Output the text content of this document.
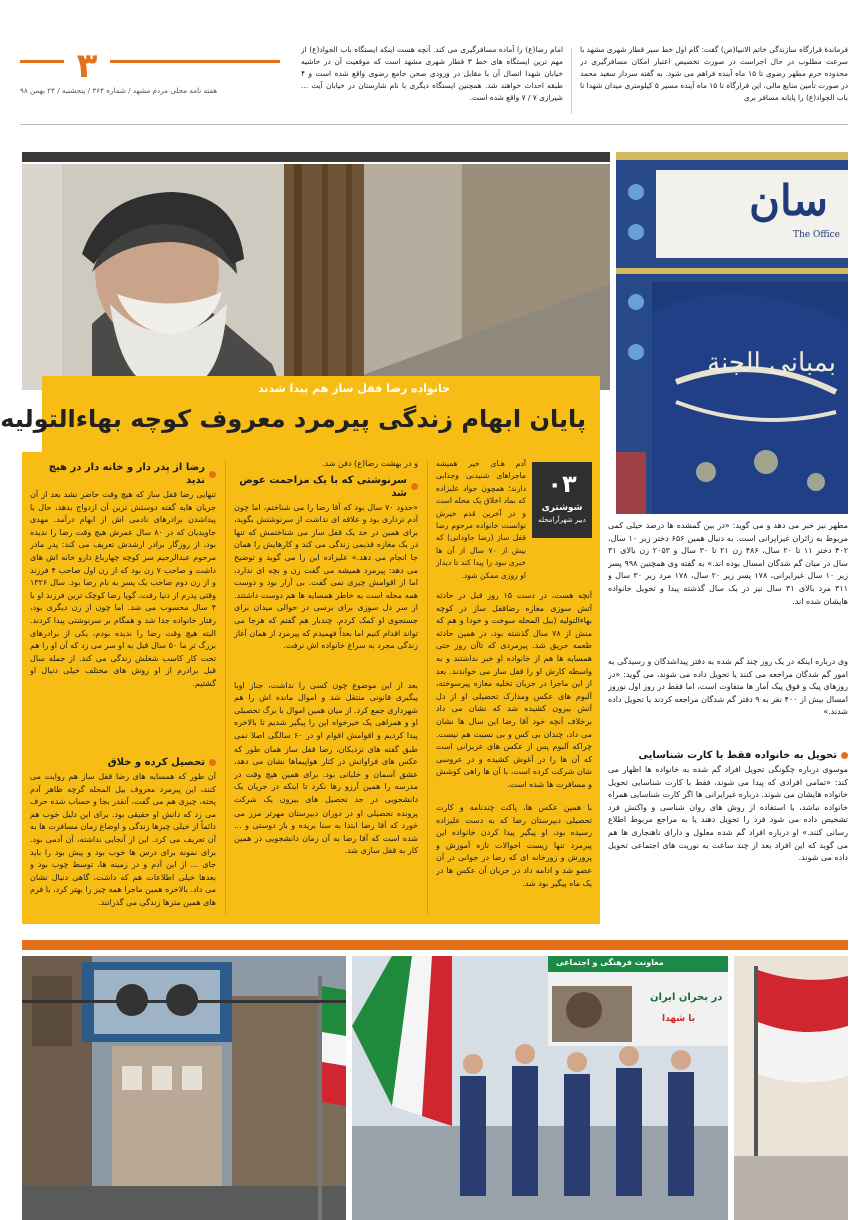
فرماندهٔ قرارگاه سازندگی خاتم الانبیا(ص) گفت: گام اول خط سیر قطار شهری مشهد با سرعت مطلوب در حال اجراست در صورت تخصیص اعتبار امکان مسافرگیری در محدوده حرم مطهر رضوی تا ۱۵ ماه آینده فراهم می شود. به گفته سردار سعید محمد در صورت تأمین منابع مالی، این قرارگاه تا ۱۵ ماه آینده مسیر ۵ کیلومتری میدان شهدا تا باب الجواد(ع) را پایانه مسافر بری
امام رضا(ع) را آماده مسافرگیری می کند. آنچه هست اینکه ایستگاه باب الجواد(ع) از مهم ترین ایستگاه های خط ۳ قطار شهری مشهد است که موقعیت آن در حاشیه خیابان شهدا اتصال آن با مقابل در ورودی صحن جامع رضوی واقع شده است و ۴ طبقه احداث خواهند شد. همچنین ایستگاه دیگری با نام شارستان در خیابان آیت ... شیرازی ۷ / ۷ واقع شده است.
۳
هفته نامه محلی مردم مشهد / شماره ۳۶۴ / پنجشنبه / ۲۴ بهمن ۹۸
سان
The Office
بمبانی الجنة
خانواده رضا قفل ساز هم پیدا شدند
پایان ابهام زندگی پیرمرد معروف کوچه بهاءالتولیه
۰۳
شوشتری
دبیر شهرآرامحله
آدم هـای خیر همیشه ماجراهای شنیدنی وجذابی دارند؛ همچون جواد علیزاده که نماد اخلاق یک محله است و در آخرین قدم خیرش توانست خانواده مرحوم رضا قفل ساز (رضا جاودانی) که بیش از ۷۰ سال از آن ها خبری نبود را پیدا کند تا دیدار او روزی ممکن شود.
آنچه هست، در دست ۱۵ روز قبل در حادثه آتش سوزی مغازه رضاقفل ساز در کوچه بهاءالتولیه (بیل المحله سوخت و خودا و هم که منش از ۷۸ سال گذشته بود، در همین حادثه طعمه حریق شد. پیرمردی که تاآن روز حتی همسایه ها هم از خانواده او خبر نداشتند و به واسطه کارش او را قفل ساز می خواندند. بعد از این ماجرا در جریان تخلیه مغازه پیرسوخته، آلبوم های عکس ومدارک تحصیلی او از دل آتش بیرون کشیده شد که نشان می داد برخلاف آنچه خود آقا رضا این سال ها نشان می داد، چندان بی کس و بی نسبت هم نیست. چراکه آلبوم پس از عکس های عزیزانی است که آن ها را در آغوش کشیده و در عروسی شان شرکت کرده است، با آن ها راهی کوشش و مسافرت ها شده است.
با همین عکس ها، پاکت چندنامه و کارت تحصیلی دبیرستان رضا که به دست علیزاده رسیده بود، او پیگیر پیدا کردن خانواده این پیرمرد تنها زیست احوالات تازه آموزش و پرورش و زورخانه ای که رضا در جوانی در آن عضو شد و ادامه داد در جریان آن عکس ها در یک ماه پیگیر بود شد.
و در بهشت رضا(ع) دفن شد.
سرنوشتی که با یک مزاحمت عوض شد
«حدود ۷۰ سال بود که آقا رضا را می شناختم، اما چون آدم ترداری بود و علاقه ای نداشت از سرنوشتش بگوید، برای همین در حد یک قفل ساز می شناختمش که تنها در یک مغازه قدیمی زندگی می کند و کارهایش را همان جا انجام می دهد.» علیزاده این را می گوید و توضیح می دهد: پیرمرد همیشه می گفت زن و بچه ای ندارد، اما از اقوامش چیزی نمی گفت. بی آزار بود و دوست همه محله است به خاطر همسایه ها هم دوست داشتند. از سر دل سوزی برای برسی در حوالی میدان برای جستجوی او کمک کردم. چندبار هم گفتم که هرجا می تواند اقدام کنیم اما بعداً فهمیدم که پیرمرد از همان آغاز زندگی مجرد به سراغ خانواده اش نرفت.
بعد از این موضوع چون کسی را نداشت، جناز اوبا پیگیری قانونی منتقل شد و اموال مانده اش را هم شهرداری جمع کرد. از میان همین اموال با برگ تحصیلی او و همراهی یک خیرخواه این را پیگیر شدیم تا بالاخره پیدا کردیم و اقوامش اقوام او در ۶۰ سالگی اصلا نمی
طبق گفته های نزدیکان، رضا قفل ساز همان طور که عکس های فراوانش در کنار هواپیماها نشان می دهد، عشق آسمان و خلبانی بود. برای همین هیچ وقت در مدرسه را همین آرزو رها نکرد تا اینکه در جریان یک دانشجویی در حد تحصیل های بیرون یک شرکت
پرونده تحصیلی او در دوران دبیرستان مهرتر مرز می خورد که آقا رضا ابتدا به سنا بریده و باز دوستی و ... شده است که آقا رضا به آن زمان دانشجویی در همین کار به قفل سازی شد.
رضا از پدر دار و خانه دار در هیچ ندید
تنهایی رضا قفل ساز که هیچ وقت حاضر نشد بعد از آن جریان هایه گفته دوستش ترین آن ازدواج بدهد، حال با پیداشدن برادرهای نادمی اش از ابهام درآمد. مهدی جاویدیان که در ۸۰ سال عمرش هیچ وقت رضا را ندیده بود، از روزگار برادر ارشدش تعریف می کند: پدر مادر مرحوم عبدالرحیم سر کوچه چهارباغ دارو خانه اش های داشت و صاحب ۷ زن بود که از زن اول صاحب ۴ فرزند و از زن دوم صاحب یک پسر به نام رضا بود. سال ۱۳۲۶ وقتی پدرم از دنیا رفت، گویا رضا کوچک ترین فرزند او با ۴ سال محسوب می شد. اما چون از زن دیگری بود، رفتار خانواده جدا شد و همگام بر سرنوشتی پیدا کردند. البته هیچ وقت رضا را ندیده بودم، یکی از برادرهای بزرگ تر ما ۵۰ سال قبل به او سر می زد که آن او را هم تحت کار کاسب شغلش زندگی می کند. از جمله سال قبل برادرم از او روش های مختلف خیلی دنبال او گشتیم.
تحصیل کرده و خلاق
آن طور که همسایه های رضا قفل ساز هم روایت می کنند، این پیرمرد معروف بیل المحله گرچه ظاهر آدم پخته، چیزی هم می گفت، آنقدر بجا و حساب شده حرف می زد که دانش او حقیقی بود. برای این دلیل خوب هم دائماً از خیلی چیزها زندگی و اوضاع زمان مسافرت ها به آن تعریف می کرد. این از آنجایی نداشته، آن آدمی بود. برای نمونه برای درس ها خوب بود و پیش بود را باید جای ... از این آدم و در زمینه ها، توسط چوب بود و بعدها خیلی اطلاعات هم که داشت، گاهی دنبال نشان می داد. بالاخره همین ماجرا همه چیز را بهتر کرد، با فرم های همین مترها زندگی می گذرانند.
مطهر نیز خبر می دهد و می گوید: «در بین گمشده ها درصد خیلی کمی مربوط به زائران غیرایرانی است. به دنبال همین ۶۵۶ دختر زیر ۱۰ سال، ۴۰۲ دختر ۱۱ تا ۲۰ سال، ۴۸۶ زن ۲۱ تا ۳۰ سال و ۲۰۵۳ زن بالای ۳۱ سال در میان گم شدگان امسال بوده اند.» به گفته وی همچنین ۹۹۸ پسر زیر ۱۰ سال غیرایرانی، ۱۷۸ پسر زیر ۲۰ سال، ۱۷۸ مرد زیر ۳۰ سال و ۳۱۱ مرد بالای ۳۱ سال نیز در یک سال گذشته پیدا و تحویل خانواده هایشان شده اند.
وی درباره اینکه در یک روز چند گم شده به دفتر پیداشدگان و رسیدگی به امور گم شدگان مراجعه می کنند یا تحویل داده می شوند، می گوید: «در روزهای پیک و فوق پیک آمار ها متفاوت است، اما فقط در روز اول نوروز امسال بیش از ۴۰۰ نفر به ۹ دفتر گم شدگان مراجعه کردند یا تحویل داده شدند.»
تحویل به خانواده فقط با کارت شناسایی
موسوی درباره چگونگی تحویل افراد گم شده به خانواده ها اظهار می کند: «تمامی افرادی که پیدا می شوند، فقط با کارت شناسایی تحویل خانواده هایشان می شوند. درباره غیرایرانی ها اگر کارت شناسایی همراه خانواده نباشد، با استفاده از روش های روان شناسی و واکنش فرد تشخیص داده می شود فرد را تحویل دهند یا به مراجع مربوط اطلاع رسانی کنند.» او درباره افراد گم شده معلول و دارای ناهنجاری ها هم می گوید که این افراد بعد از چند ساعت به نوریت های اجتماعی تحویل داده می شوند.
معاونت فرهنگی و اجتماعی
در بحران ایران
با شهدا
